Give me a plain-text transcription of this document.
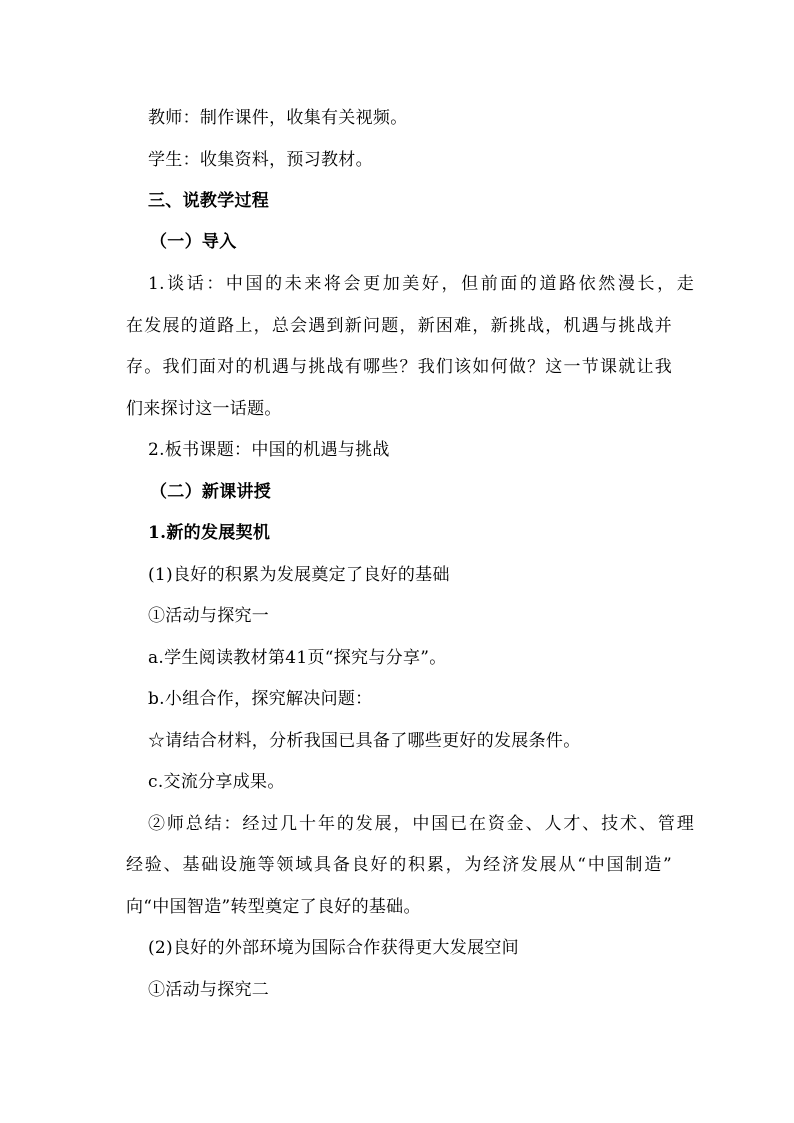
教师：制作课件，收集有关视频。
学生：收集资料，预习教材。
三、说教学过程
（一）导入
1.谈话：中国的未来将会更加美好，但前面的道路依然漫长，走
在发展的道路上，总会遇到新问题，新困难，新挑战，机遇与挑战并
存。我们面对的机遇与挑战有哪些？我们该如何做？这一节课就让我
们来探讨这一话题。
2.板书课题：中国的机遇与挑战
（二）新课讲授
1.新的发展契机
(1)良好的积累为发展奠定了良好的基础
①活动与探究一
a.学生阅读教材第41页“探究与分享”。
b.小组合作，探究解决问题：
☆请结合材料，分析我国已具备了哪些更好的发展条件。
c.交流分享成果。
②师总结：经过几十年的发展，中国已在资金、人才、技术、管理
经验、基础设施等领域具备良好的积累，为经济发展从“中国制造”
向“中国智造”转型奠定了良好的基础。
(2)良好的外部环境为国际合作获得更大发展空间
①活动与探究二
